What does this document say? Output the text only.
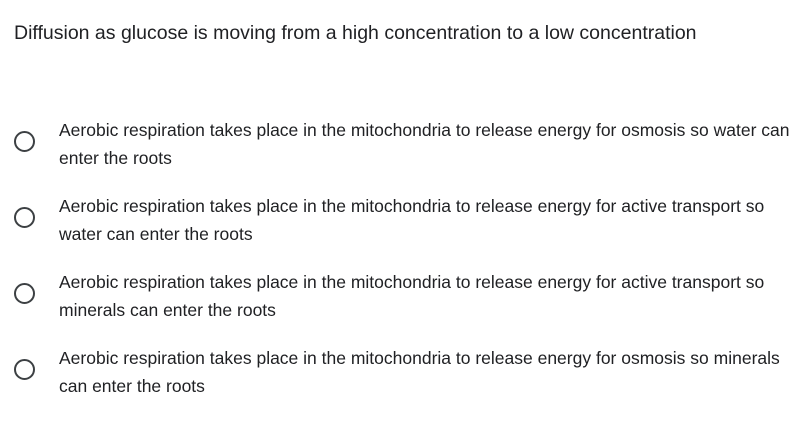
Diffusion as glucose is moving from a high concentration to a low concentration
Aerobic respiration takes place in the mitochondria to release energy for osmosis so water can enter the roots
Aerobic respiration takes place in the mitochondria to release energy for active transport so water can enter the roots
Aerobic respiration takes place in the mitochondria to release energy for active transport so minerals can enter the roots
Aerobic respiration takes place in the mitochondria to release energy for osmosis so minerals can enter the roots
